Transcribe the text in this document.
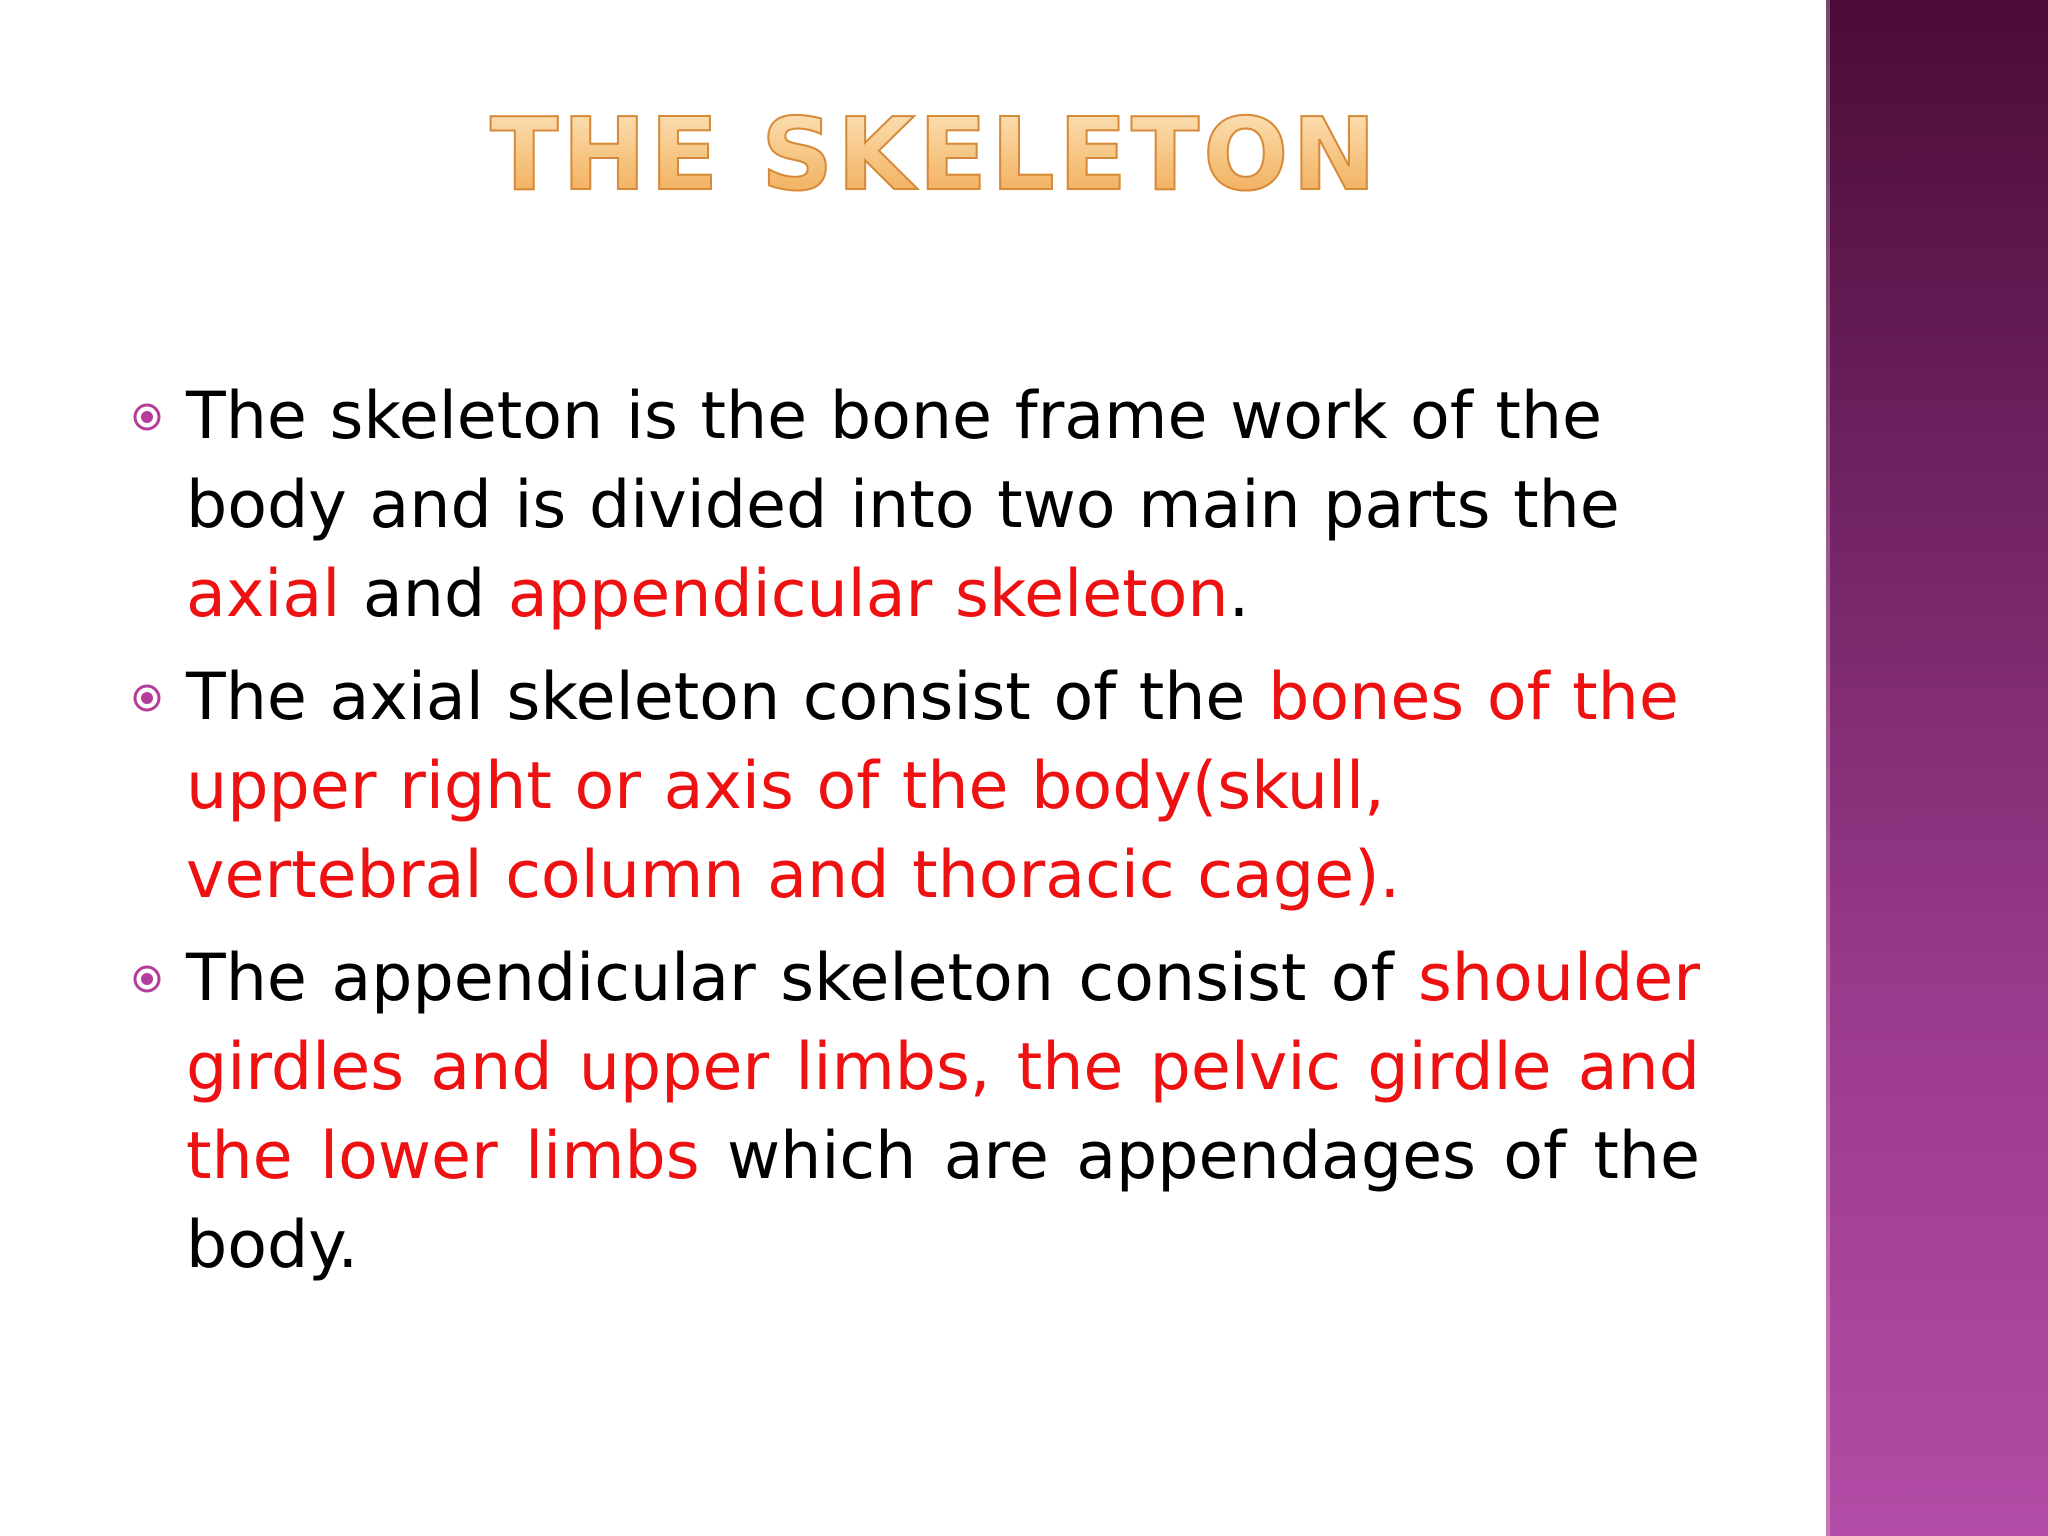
THE SKELETON
The skeleton is the bone frame work of the body and is divided into two main parts the axial and appendicular skeleton.
The axial skeleton consist of the bones of the upper right or axis of the body(skull, vertebral column and thoracic cage).
The appendicular skeleton consist of shoulder girdles and upper limbs, the pelvic girdle and the lower limbs which are appendages of the body.
